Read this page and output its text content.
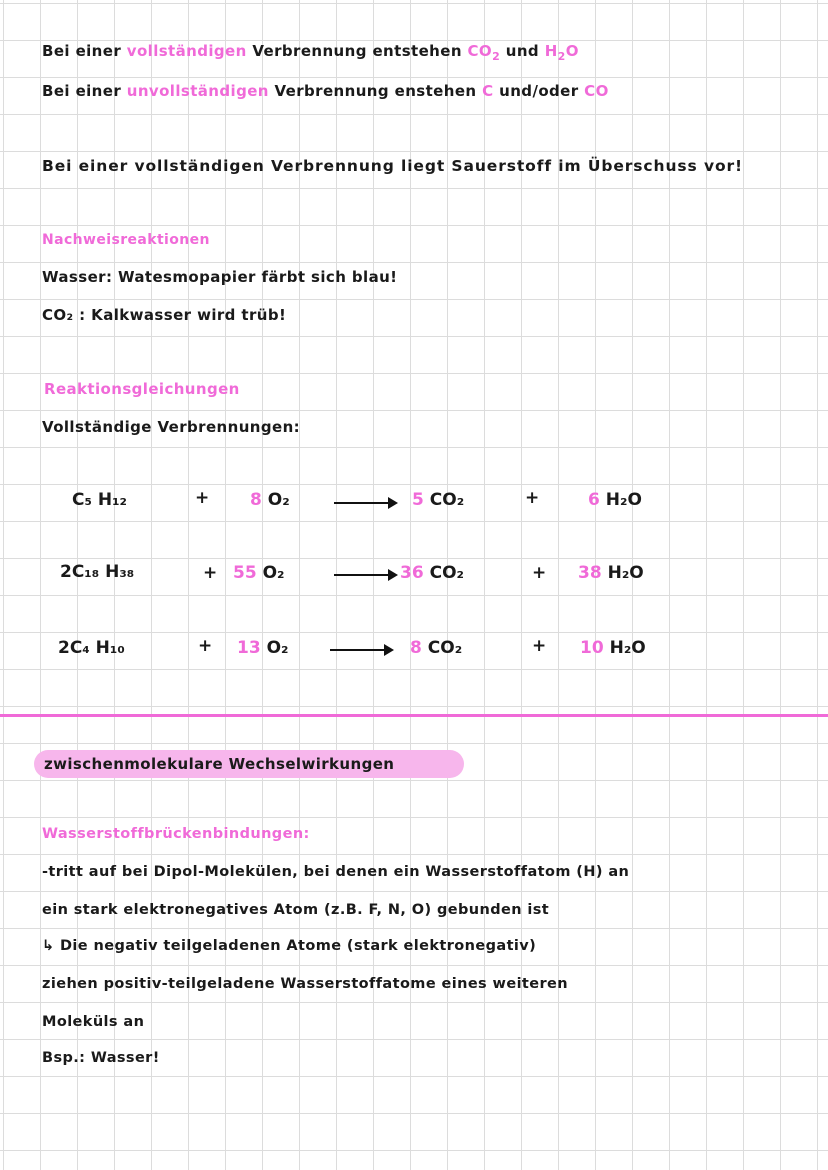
Bei einer vollständigen Verbrennung entstehen $CO_2$ und $H_2O$
Bei einer unvollständigen Verbrennung enstehen C und/oder CO
Bei einer vollständigen Verbrennung liegt Sauerstoff im Überschuss vor!
Nachweisreaktionen
Wasser: Watesmopapier färbt sich blau!
CO₂ : Kalkwasser wird trüb!
Reaktionsgleichungen
Vollständige Verbrennungen:
C₅ H₁₂	+ 8 O₂	5 CO₂	+	6 H₂O
2C₁₈ H₃₈	+ 55 O₂	36 CO₂	+ 38 H₂O
2C₄ H₁₀	+ 13 O₂	8 CO₂	+ 10 H₂O
zwischenmolekulare Wechselwirkungen
Wasserstoffbrückenbindungen:
-tritt auf bei Dipol-Molekülen, bei denen ein Wasserstoffatom (H) an
ein stark elektronegatives Atom (z.B. F, N, O) gebunden ist
↳ Die negativ teilgeladenen Atome (stark elektronegativ)
ziehen positiv-teilgeladene Wasserstoffatome eines weiteren
Moleküls an
Bsp.: Wasser!
